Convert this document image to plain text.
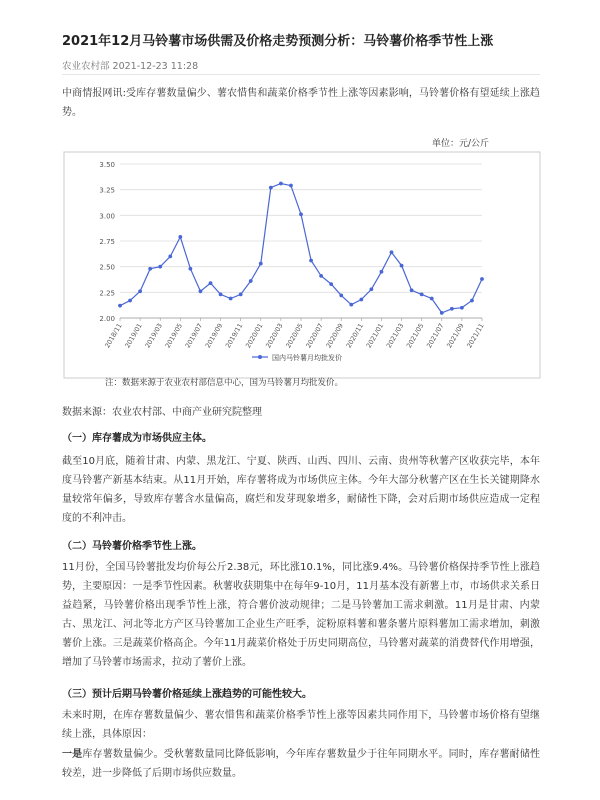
2021年12月马铃薯市场供需及价格走势预测分析：马铃薯价格季节性上涨
农业农村部 2021-12-23 11:28
中商情报网讯:受库存薯数量偏少、薯农惜售和蔬菜价格季节性上涨等因素影响，马铃薯价格有望延续上涨趋势。
单位：元/公斤
2.00
2.25
2.50
2.75
3.00
3.25
3.50
2018/11 2019/01 2019/03 2019/05 2019/07 2019/09 2019/11 2020/01 2020/03 2020/05 2020/07 2020/09 2020/11 2021/01 2021/03 2021/05 2021/07 2021/09 2021/11
国内马铃薯月均批发价
注：数据来源于农业农村部信息中心，国为马铃薯月均批发价。
数据来源：农业农村部、中商产业研究院整理
（一）库存薯成为市场供应主体。
截至10月底，随着甘肃、内蒙、黑龙江、宁夏、陕西、山西、四川、云南、贵州等秋薯产区收获完毕，本年度马铃薯产新基本结束。从11月开始，库存薯将成为市场供应主体。今年大部分秋薯产区在生长关键期降水量较常年偏多，导致库存薯含水量偏高，腐烂和发芽现象增多，耐储性下降，会对后期市场供应造成一定程度的不利冲击。
（二）马铃薯价格季节性上涨。
11月份，全国马铃薯批发均价每公斤2.38元，环比涨10.1%，同比涨9.4%。马铃薯价格保持季节性上涨趋势，主要原因：一是季节性因素。秋薯收获期集中在每年9-10月，11月基本没有新薯上市，市场供求关系日益趋紧，马铃薯价格出现季节性上涨，符合薯价波动规律；二是马铃薯加工需求刺激。11月是甘肃、内蒙古、黑龙江、河北等北方产区马铃薯加工企业生产旺季，淀粉原料薯和薯条薯片原料薯加工需求增加，刺激薯价上涨。三是蔬菜价格高企。今年11月蔬菜价格处于历史同期高位，马铃薯对蔬菜的消费替代作用增强，增加了马铃薯市场需求，拉动了薯价上涨。
（三）预计后期马铃薯价格延续上涨趋势的可能性较大。
未来时期，在库存薯数量偏少、薯农惜售和蔬菜价格季节性上涨等因素共同作用下，马铃薯市场价格有望继续上涨，具体原因：
一是库存薯数量偏少。受秋薯数量同比降低影响，今年库存薯数量少于往年同期水平。同时，库存薯耐储性较差，进一步降低了后期市场供应数量。
